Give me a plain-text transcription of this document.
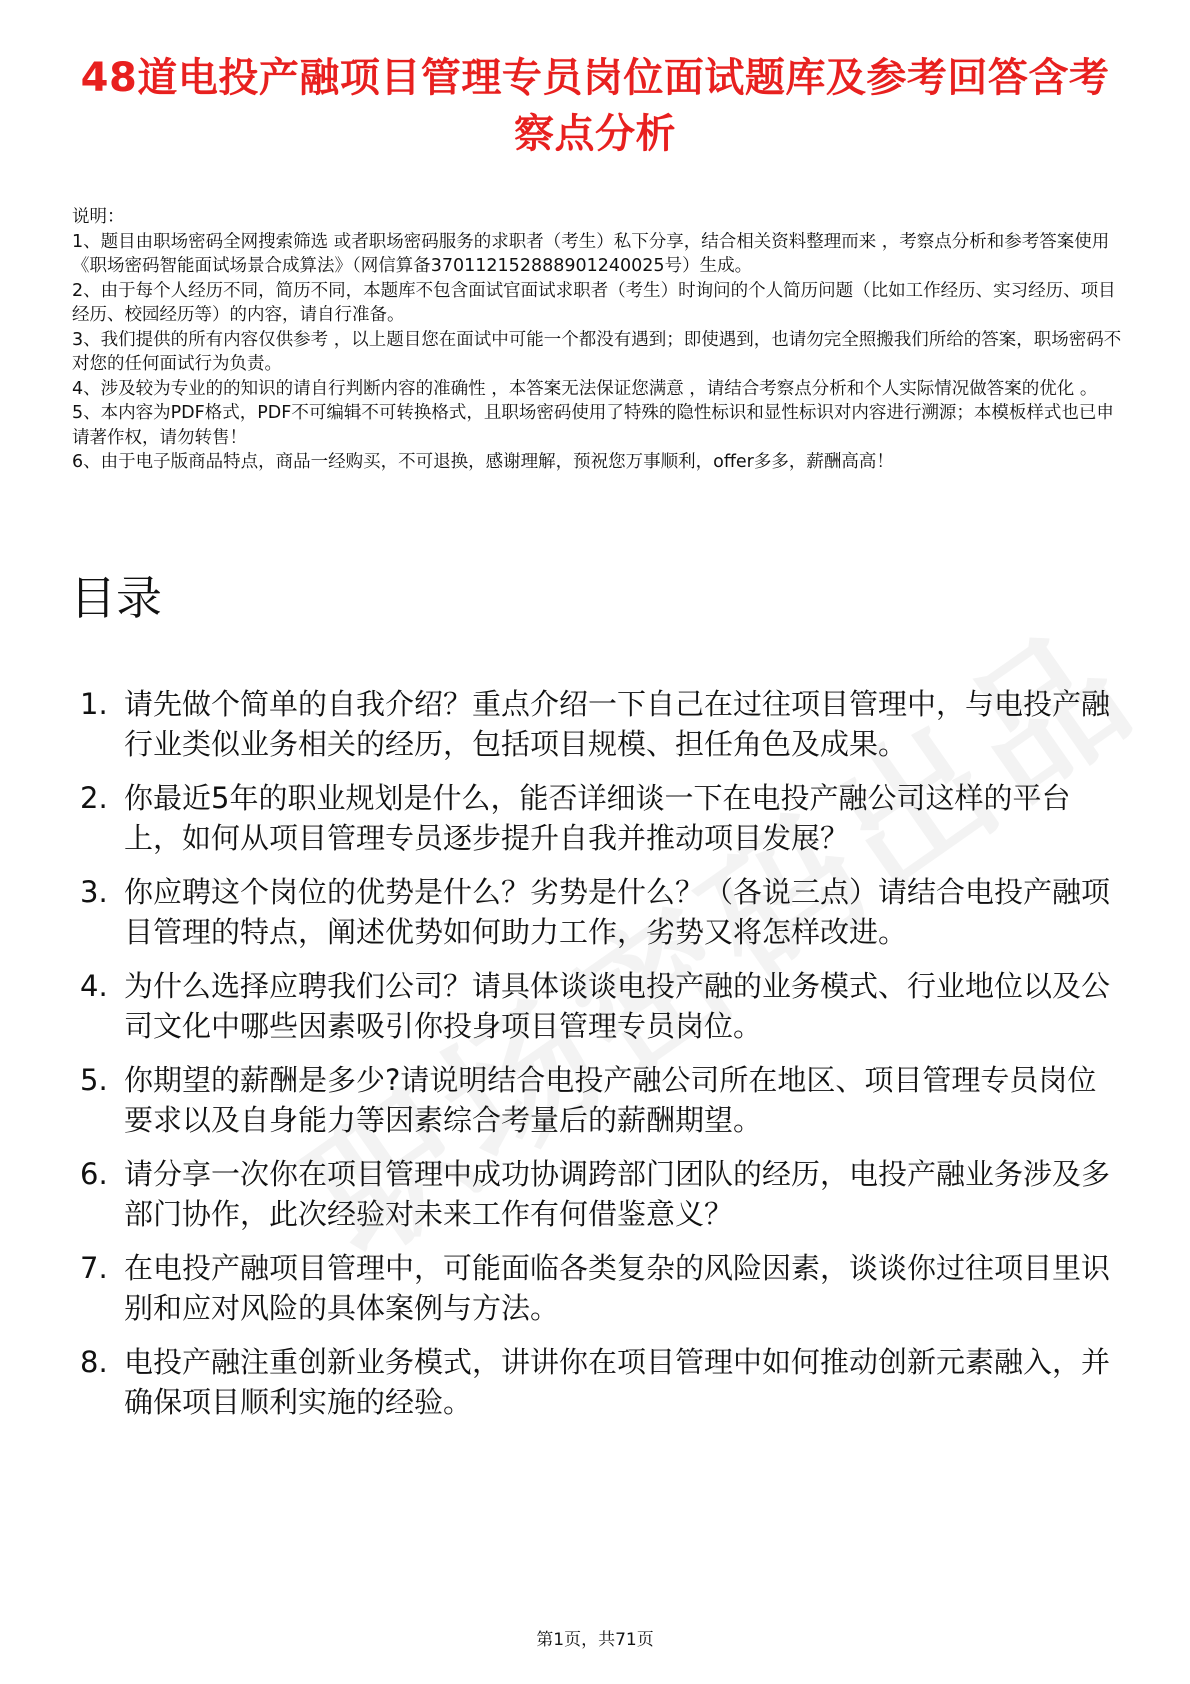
48道电投产融项目管理专员岗位面试题库及参考回答含考察点分析

说明：

1、题目由职场密码全网搜索筛选 或者职场密码服务的求职者（考生）私下分享，结合相关资料整理而来 ，考察点分析和参考答案使用《职场密码智能面试场景合成算法》（网信算备370112152888901240025号）生成。

2、由于每个人经历不同，简历不同，本题库不包含面试官面试求职者（考生）时询问的个人简历问题（比如工作经历、实习经历、项目经历、校园经历等）的内容，请自行准备。

3、我们提供的所有内容仅供参考 ，以上题目您在面试中可能一个都没有遇到；即使遇到，也请勿完全照搬我们所给的答案，职场密码不对您的任何面试行为负责。

4、涉及较为专业的的知识的请自行判断内容的准确性 ，本答案无法保证您满意 ，请结合考察点分析和个人实际情况做答案的优化 。

5、本内容为PDF格式，PDF不可编辑不可转换格式，且职场密码使用了特殊的隐性标识和显性标识对内容进行溯源；本模板样式也已申请著作权，请勿转售！

6、由于电子版商品特点，商品一经购买，不可退换，感谢理解，预祝您万事顺利，offer多多，薪酬高高！

目录
1. 请先做个简单的自我介绍？重点介绍一下自己在过往项目管理中，与电投产融行业类似业务相关的经历，包括项目规模、担任角色及成果。
2. 你最近5年的职业规划是什么，能否详细谈一下在电投产融公司这样的平台上，如何从项目管理专员逐步提升自我并推动项目发展？
3. 你应聘这个岗位的优势是什么？劣势是什么？（各说三点）请结合电投产融项目管理的特点，阐述优势如何助力工作，劣势又将怎样改进。
4. 为什么选择应聘我们公司？请具体谈谈电投产融的业务模式、行业地位以及公司文化中哪些因素吸引你投身项目管理专员岗位。
5. 你期望的薪酬是多少?请说明结合电投产融公司所在地区、项目管理专员岗位要求以及自身能力等因素综合考量后的薪酬期望。
6. 请分享一次你在项目管理中成功协调跨部门团队的经历，电投产融业务涉及多部门协作，此次经验对未来工作有何借鉴意义？
7. 在电投产融项目管理中，可能面临各类复杂的风险因素，谈谈你过往项目里识别和应对风险的具体案例与方法。
8. 电投产融注重创新业务模式，讲讲你在项目管理中如何推动创新元素融入，并确保项目顺利实施的经验。
第1页，共71页
